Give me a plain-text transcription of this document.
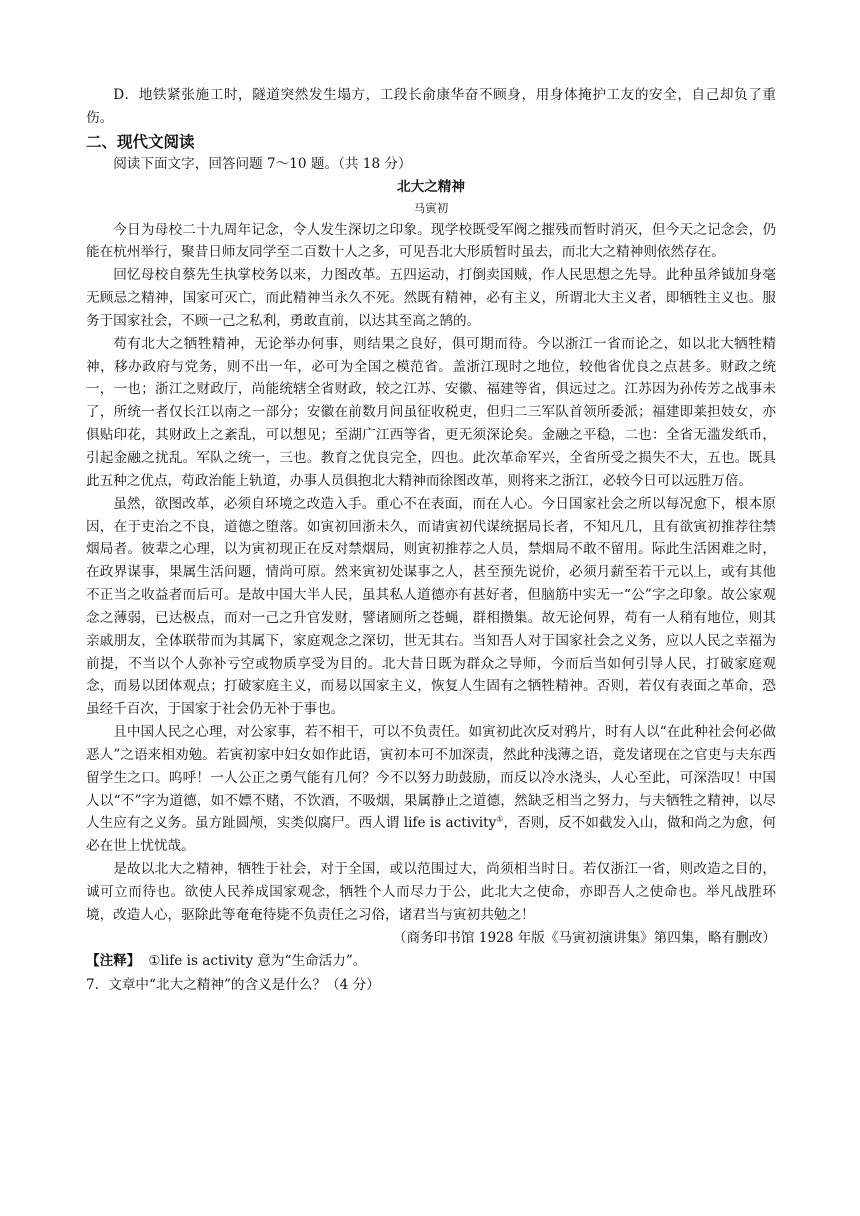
D．地铁紧张施工时，隧道突然发生塌方，工段长俞康华奋不顾身，用身体掩护工友的安全，自己却负了重伤。

二、现代文阅读

阅读下面文字，回答问题 7～10 题。（共 18 分）

北大之精神

马寅初

今日为母校二十九周年记念，令人发生深切之印象。现学校既受军阀之摧残而暂时消灭，但今天之记念会，仍能在杭州举行，聚昔日师友同学至二百数十人之多，可见吾北大形质暂时虽去，而北大之精神则依然存在。

回忆母校自蔡先生执掌校务以来，力图改革。五四运动，打倒卖国贼，作人民思想之先导。此种虽斧钺加身毫无顾忌之精神，国家可灭亡，而此精神当永久不死。然既有精神，必有主义，所谓北大主义者，即牺牲主义也。服务于国家社会，不顾一己之私利，勇敢直前，以达其至高之鹄的。

苟有北大之牺牲精神，无论举办何事，则结果之良好，俱可期而待。今以浙江一省而论之，如以北大牺牲精神，移办政府与党务，则不出一年，必可为全国之模范省。盖浙江现时之地位，较他省优良之点甚多。财政之统一，一也；浙江之财政厅，尚能统辖全省财政，较之江苏、安徽、福建等省，俱远过之。江苏因为孙传芳之战事未了，所统一者仅长江以南之一部分；安徽在前数月间虽征收税吏，但归二三军队首领所委派；福建即莱担妓女，亦俱贴印花，其财政上之紊乱，可以想见；至湖广江西等省，更无须深论矣。金融之平稳，二也：全省无滥发纸币，引起金融之扰乱。军队之统一，三也。教育之优良完全，四也。此次革命军兴，全省所受之损失不大，五也。既具此五种之优点，苟政治能上轨道，办事人员俱抱北大精神而徐图改革，则将来之浙江，必较今日可以远胜万倍。

虽然，欲图改革，必须自环境之改造入手。重心不在表面，而在人心。今日国家社会之所以每况愈下，根本原因，在于吏治之不良，道德之堕落。如寅初回浙未久，而请寅初代谋统据局长者，不知凡几，且有欲寅初推荐往禁烟局者。彼辈之心理，以为寅初现正在反对禁烟局，则寅初推荐之人员，禁烟局不敢不留用。际此生活困难之时，在政界谋事，果属生活问题，情尚可原。然来寅初处谋事之人，甚至预先说价，必须月薪至若干元以上，或有其他不正当之收益者而后可。是故中国大半人民，虽其私人道德亦有甚好者，但脑筋中实无一“公”字之印象。故公家观念之薄弱，已达极点，而对一己之升官发财，譬诸厕所之苍蝇，群相攒集。故无论何界，苟有一人稍有地位，则其亲戚朋友，全体联带而为其属下，家庭观念之深切，世无其右。当知吾人对于国家社会之义务，应以人民之幸福为前提，不当以个人弥补亏空或物质享受为目的。北大昔日既为群众之导师，今而后当如何引导人民，打破家庭观念，而易以团体观点；打破家庭主义，而易以国家主义，恢复人生固有之牺牲精神。否则，若仅有表面之革命，恐虽经千百次，于国家于社会仍无补于事也。

且中国人民之心理，对公家事，若不相干，可以不负责任。如寅初此次反对鸦片，时有人以“在此种社会何必做恶人”之语来相劝勉。若寅初家中妇女如作此语，寅初本可不加深责，然此种浅薄之语，竟发诸现在之官吏与夫东西留学生之口。呜呼！一人公正之勇气能有几何？今不以努力助鼓励，而反以冷水浇头，人心至此，可深浩叹！中国人以“不”字为道德，如不嫖不赌，不饮酒，不吸烟，果属静止之道德，然缺乏相当之努力，与夫牺牲之精神，以尽人生应有之义务。虽方趾圆颅，实类似腐尸。西人谓 life is activity①，否则，反不如截发入山，做和尚之为愈，何必在世上忧忧哉。

是故以北大之精神，牺牲于社会，对于全国，或以范围过大，尚须相当时日。若仅浙江一省，则改造之目的，诚可立而待也。欲使人民养成国家观念，牺牲个人而尽力于公，此北大之使命，亦即吾人之使命也。举凡战胜环境，改造人心，驱除此等奄奄待毙不负责任之习俗，诸君当与寅初共勉之！

（商务印书馆 1928 年版《马寅初演讲集》第四集，略有删改）

【注释】 ①life is activity 意为“生命活力”。

7．文章中“北大之精神”的含义是什么？（4 分）
